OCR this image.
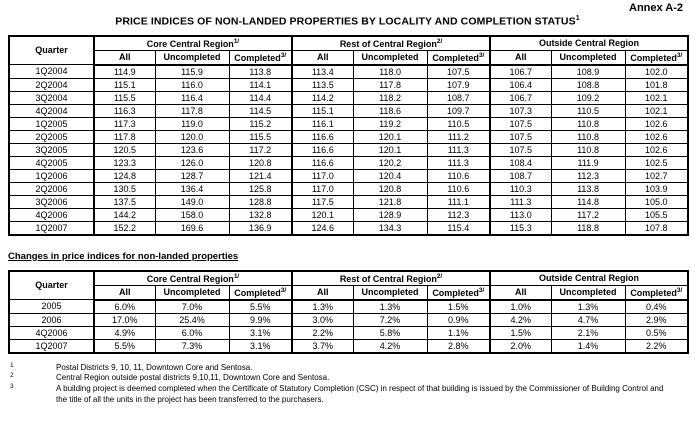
Annex A-2
PRICE INDICES OF NON-LANDED PROPERTIES BY LOCALITY AND COMPLETION STATUS$^1$
Quarter	Core Central Region$^{1/}$			Rest of Central Region$^{2/}$			Outside Central Region		
	All	Uncompleted	Completed$^{3/}$	All	Uncompleted	Completed$^{3/}$	All	Uncompleted	Completed$^{3/}$
1Q2004	114.9	115.9	113.8	113.4	118.0	107.5	106.7	108.9	102.0
2Q2004	115.1	116.0	114.1	113.5	117.8	107.9	106.4	108.8	101.8
3Q2004	115.5	116.4	114.4	114.2	118.2	108.7	106.7	109.2	102.1
4Q2004	116.3	117.8	114.5	115.1	118.6	109.7	107.3	110.5	102.1
1Q2005	117.3	119.0	115.2	116.1	119.2	110.5	107.5	110.8	102.6
2Q2005	117.8	120.0	115.5	116.6	120.1	111.2	107.5	110.8	102.6
3Q2005	120.5	123.6	117.2	116.6	120.1	111.3	107.5	110.8	102.6
4Q2005	123.3	126.0	120.8	116.6	120.2	111.3	108.4	111.9	102.5
1Q2006	124.8	128.7	121.4	117.0	120.4	110.6	108.7	112.3	102.7
2Q2006	130.5	136.4	125.8	117.0	120.8	110.6	110.3	113.8	103.9
3Q2006	137.5	149.0	128.8	117.5	121.8	111.1	111.3	114.8	105.0
4Q2006	144.2	158.0	132.8	120.1	128.9	112.3	113.0	117.2	105.5
1Q2007	152.2	169.6	136.9	124.6	134.3	115.4	115.3	118.8	107.8
Changes in price indices for non-landed properties
Quarter	Core Central Region$^{1/}$			Rest of Central Region$^{2/}$			Outside Central Region		
	All	Uncompleted	Completed$^{3/}$	All	Uncompleted	Completed$^{3/}$	All	Uncompleted	Completed$^{3/}$
2005	6.0%	7.0%	5.5%	1.3%	1.3%	1.5%	1.0%	1.3%	0.4%
2006	17.0%	25.4%	9.9%	3.0%	7.2%	0.9%	4.2%	4.7%	2.9%
4Q2006	4.9%	6.0%	3.1%	2.2%	5.8%	1.1%	1.5%	2.1%	0.5%
1Q2007	5.5%	7.3%	3.1%	3.7%	4.2%	2.8%	2.0%	1.4%	2.2%
1	Postal Districts 9, 10, 11, Downtown Core and Sentosa.
2	Central Region outside postal districts 9,10,11, Downtown Core and Sentosa.
3	A building project is deemed completed when the Certificate of Statutory Completion (CSC) in respect of that building is issued by the Commissioner of Building Control and the title of all the units in the project has been transferred to the purchasers.
